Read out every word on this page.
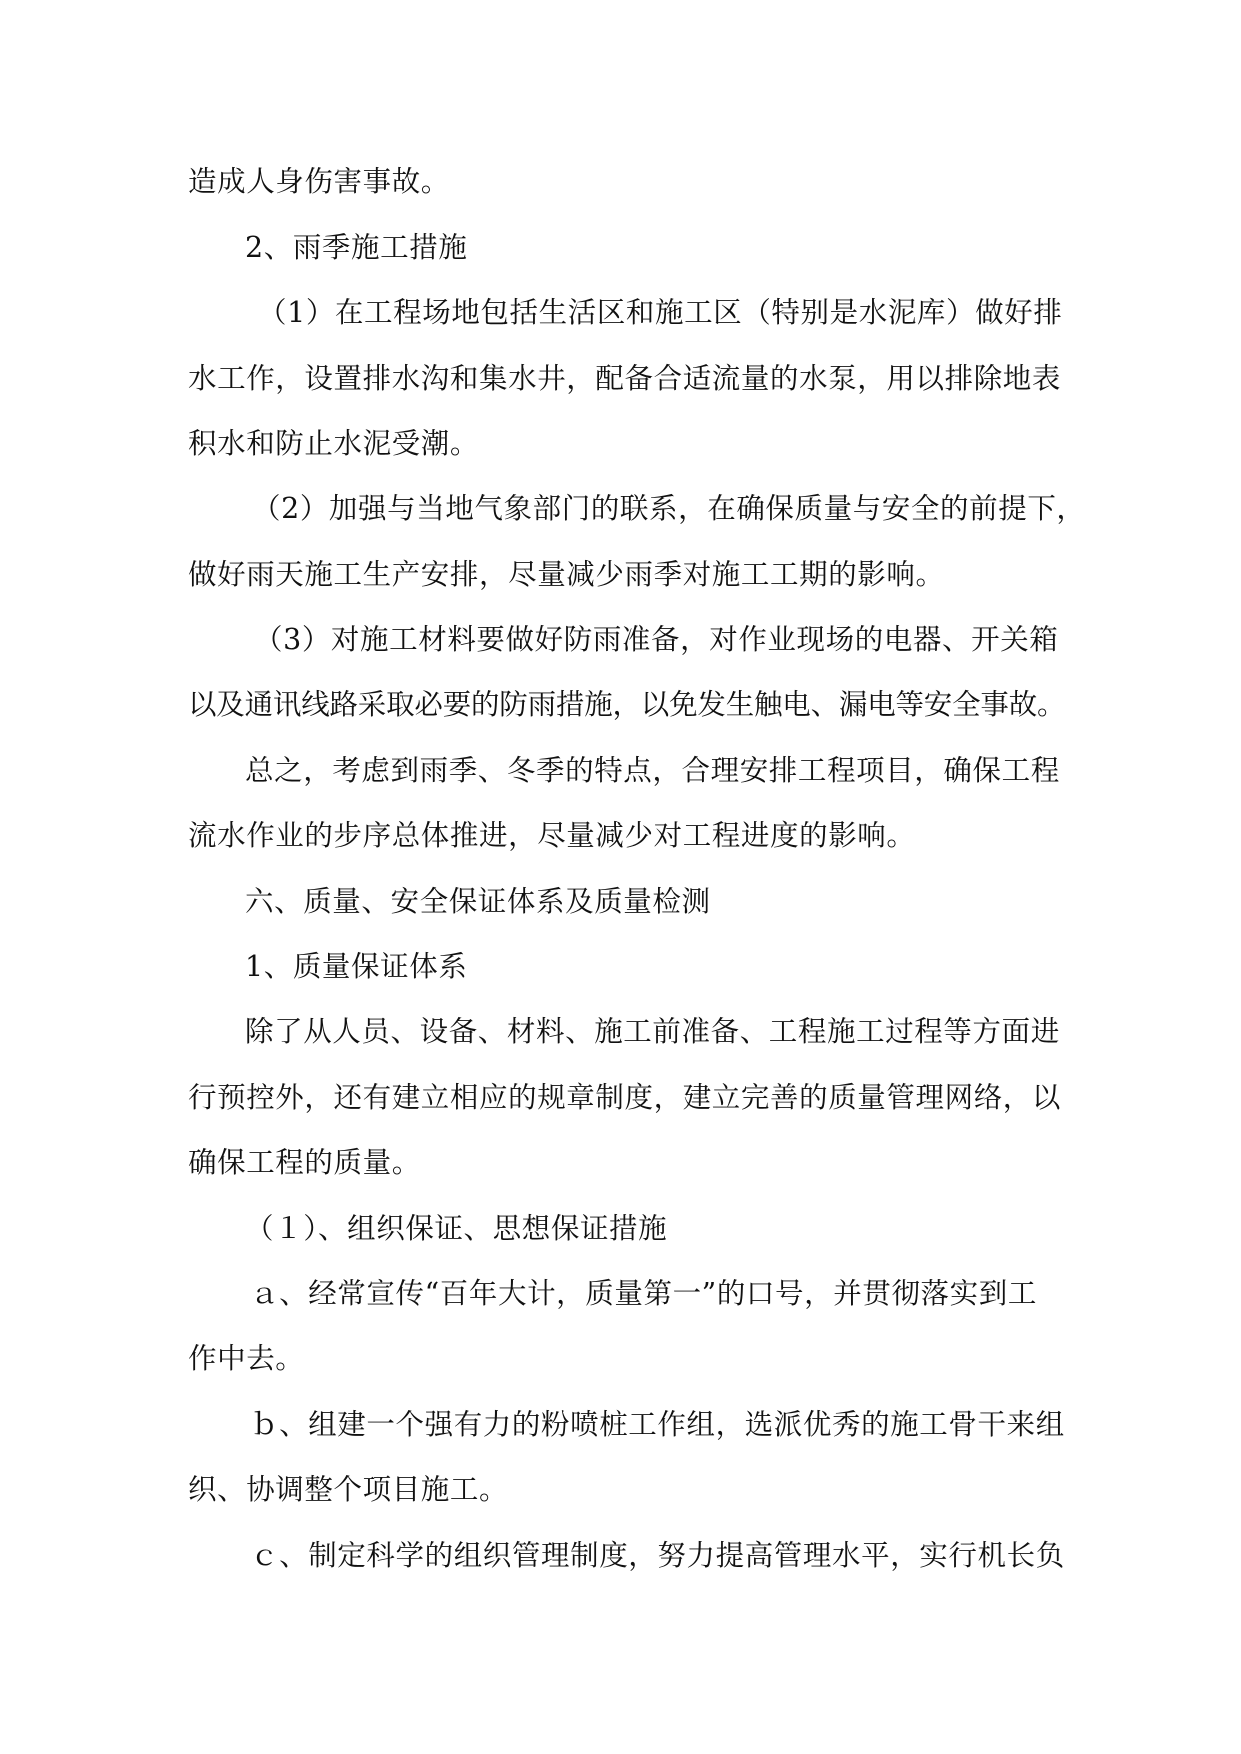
造成人身伤害事故。
2、雨季施工措施
（1）在工程场地包括生活区和施工区（特别是水泥库）做好排
水工作，设置排水沟和集水井，配备合适流量的水泵，用以排除地表
积水和防止水泥受潮。
（2）加强与当地气象部门的联系，在确保质量与安全的前提下，
做好雨天施工生产安排，尽量减少雨季对施工工期的影响。
（3）对施工材料要做好防雨准备，对作业现场的电器、开关箱
以及通讯线路采取必要的防雨措施，以免发生触电、漏电等安全事故。
总之，考虑到雨季、冬季的特点，合理安排工程项目，确保工程
流水作业的步序总体推进，尽量减少对工程进度的影响。
六、质量、安全保证体系及质量检测
1、质量保证体系
除了从人员、设备、材料、施工前准备、工程施工过程等方面进
行预控外，还有建立相应的规章制度，建立完善的质量管理网络，以
确保工程的质量。
（１）、组织保证、思想保证措施
ａ、经常宣传“百年大计，质量第一”的口号，并贯彻落实到工
作中去。
ｂ、组建一个强有力的粉喷桩工作组，选派优秀的施工骨干来组
织、协调整个项目施工。
ｃ、制定科学的组织管理制度，努力提高管理水平，实行机长负
